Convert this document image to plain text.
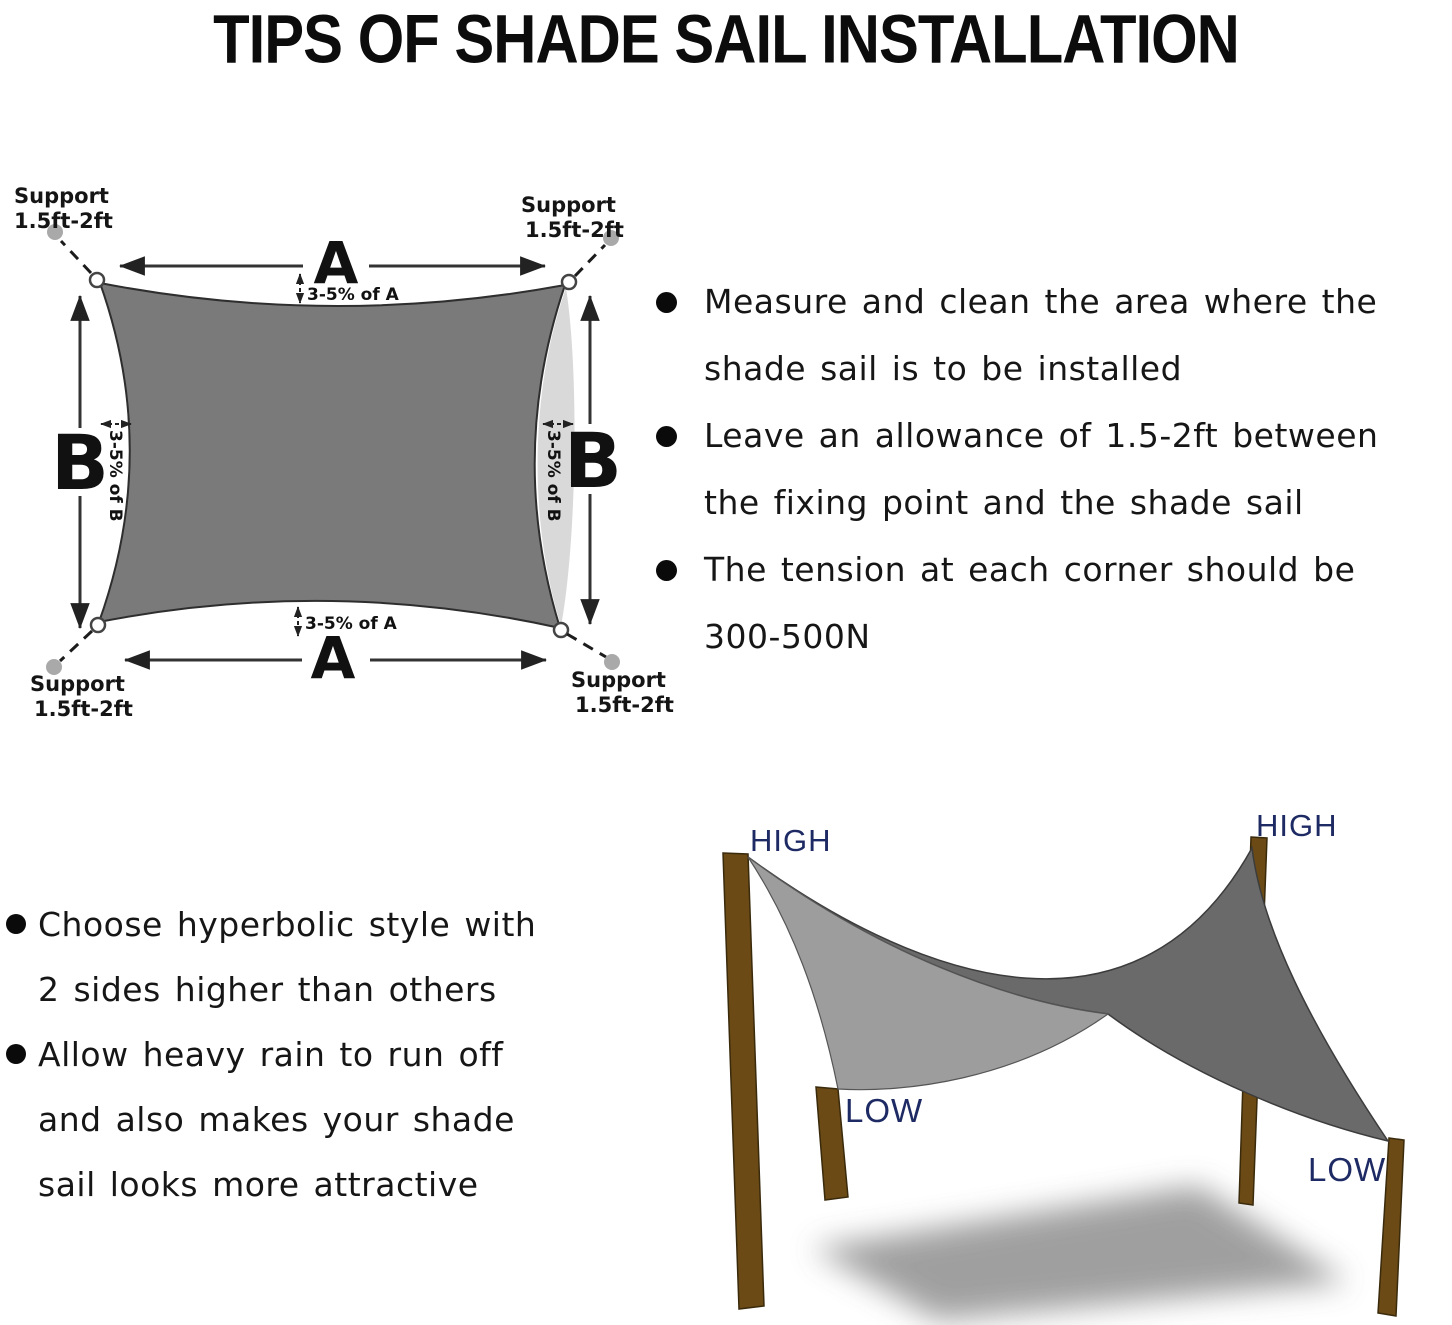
TIPS OF SHADE SAIL INSTALLATION
Support
1.5ft-2ft
Support
1.5ft-2ft
Support
1.5ft-2ft
Support
1.5ft-2ft
A
3-5% of A
B
3-5% of B	B
3-5% of B
A
3-5% of A
Measure and clean the area where the
shade sail is to be installed
Leave an allowance of 1.5-2ft between
the fixing point and the shade sail
The tension at each corner should be
300-500N
Choose hyperbolic style with
2 sides higher than others
Allow heavy rain to run off
and also makes your shade
sail looks more attractive
HIGH	HIGH
LOW
LOW
